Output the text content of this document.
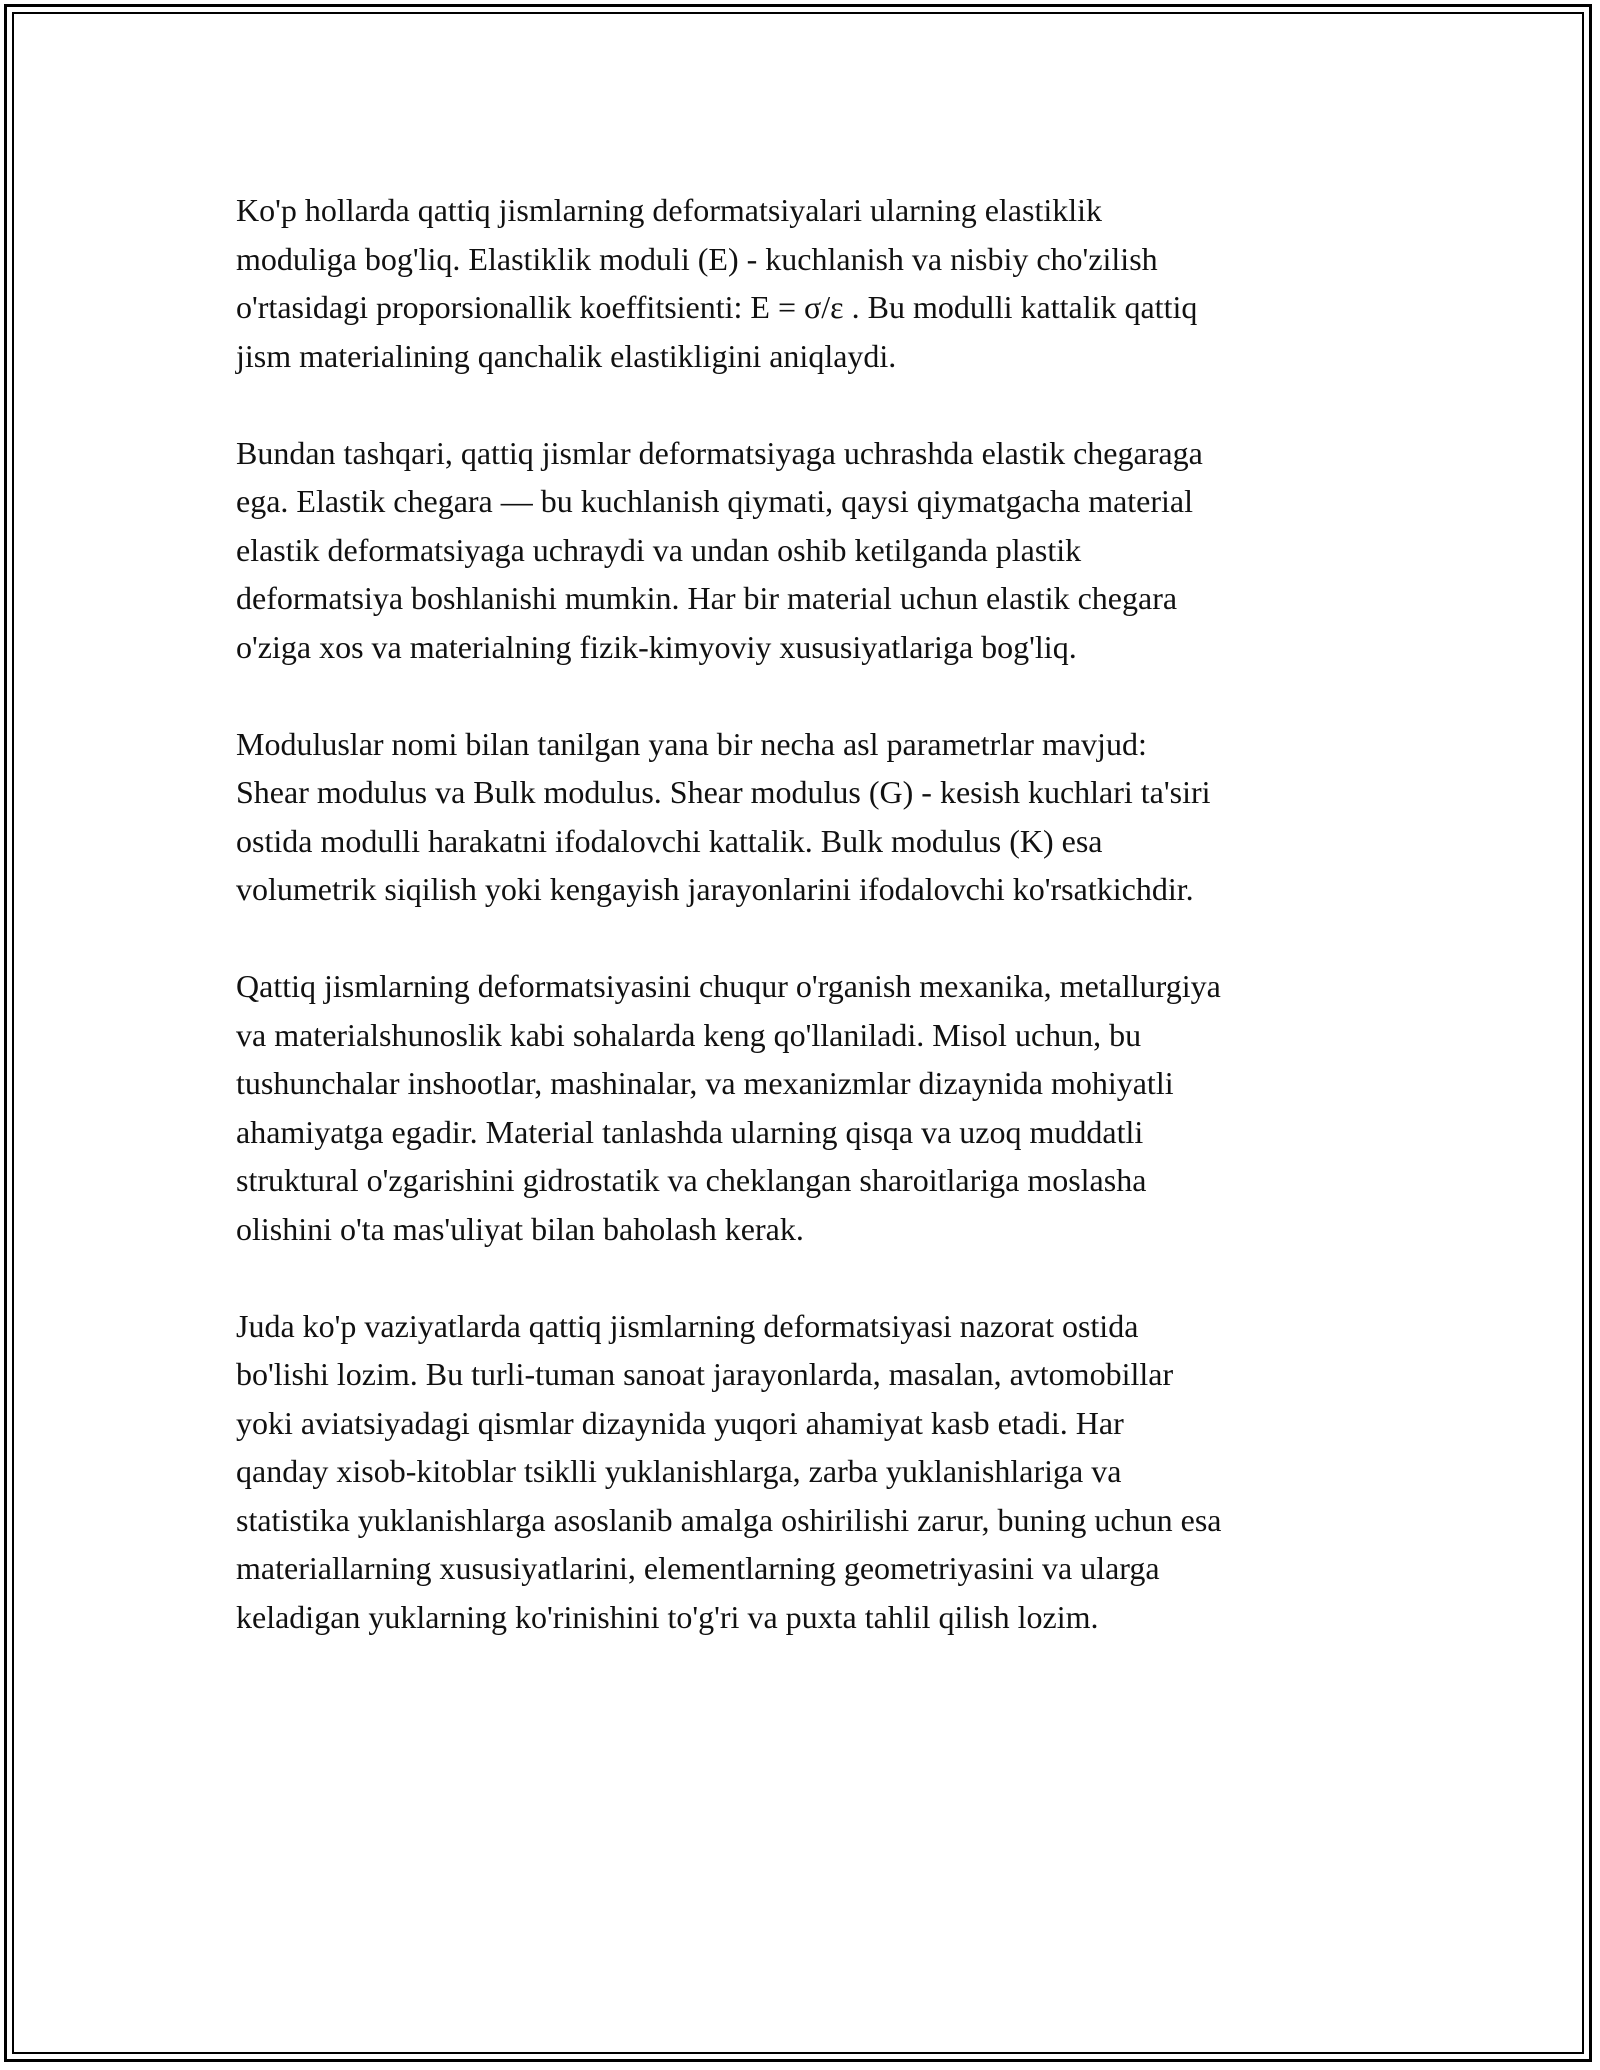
Ko'p hollarda qattiq jismlarning deformatsiyalari ularning elastiklik
moduliga bog'liq. Elastiklik moduli (E) - kuchlanish va nisbiy cho'zilish
o'rtasidagi proporsionallik koeffitsienti: E = σ/ε . Bu modulli kattalik qattiq
jism materialining qanchalik elastikligini aniqlaydi.

Bundan tashqari, qattiq jismlar deformatsiyaga uchrashda elastik chegaraga
ega. Elastik chegara — bu kuchlanish qiymati, qaysi qiymatgacha material
elastik deformatsiyaga uchraydi va undan oshib ketilganda plastik
deformatsiya boshlanishi mumkin. Har bir material uchun elastik chegara
o'ziga xos va materialning fizik-kimyoviy xususiyatlariga bog'liq.

Moduluslar nomi bilan tanilgan yana bir necha asl parametrlar mavjud:
Shear modulus va Bulk modulus. Shear modulus (G) - kesish kuchlari ta'siri
ostida modulli harakatni ifodalovchi kattalik. Bulk modulus (K) esa
volumetrik siqilish yoki kengayish jarayonlarini ifodalovchi ko'rsatkichdir.

Qattiq jismlarning deformatsiyasini chuqur o'rganish mexanika, metallurgiya
va materialshunoslik kabi sohalarda keng qo'llaniladi. Misol uchun, bu
tushunchalar inshootlar, mashinalar, va mexanizmlar dizaynida mohiyatli
ahamiyatga egadir. Material tanlashda ularning qisqa va uzoq muddatli
struktural o'zgarishini gidrostatik va cheklangan sharoitlariga moslasha
olishini o'ta mas'uliyat bilan baholash kerak.

Juda ko'p vaziyatlarda qattiq jismlarning deformatsiyasi nazorat ostida
bo'lishi lozim. Bu turli-tuman sanoat jarayonlarda, masalan, avtomobillar
yoki aviatsiyadagi qismlar dizaynida yuqori ahamiyat kasb etadi. Har
qanday xisob-kitoblar tsiklli yuklanishlarga, zarba yuklanishlariga va
statistika yuklanishlarga asoslanib amalga oshirilishi zarur, buning uchun esa
materiallarning xususiyatlarini, elementlarning geometriyasini va ularga
keladigan yuklarning ko'rinishini to'g'ri va puxta tahlil qilish lozim.
